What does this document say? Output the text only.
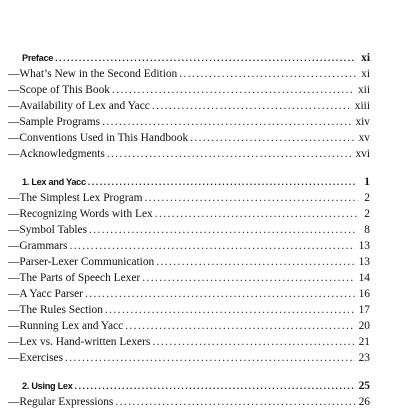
Preface .....	xi
— What’s New in the Second Edition .....	xi
— Scope of This Book .....	xii
— Availability of Lex and Yacc .....	xiii
— Sample Programs .....	xiv
— Conventions Used in This Handbook .....	xv
— Acknowledgments .....	xvi
1. Lex and Yacc .....	1
— The Simplest Lex Program .....	2
— Recognizing Words with Lex .....	2
— Symbol Tables .....	8
— Grammars .....	13
— Parser-Lexer Communication .....	13
— The Parts of Speech Lexer .....	14
— A Yacc Parser .....	16
— The Rules Section .....	17
— Running Lex and Yacc .....	20
— Lex vs. Hand-written Lexers .....	21
— Exercises .....	23
2. Using Lex .....	25
— Regular Expressions .....	26
